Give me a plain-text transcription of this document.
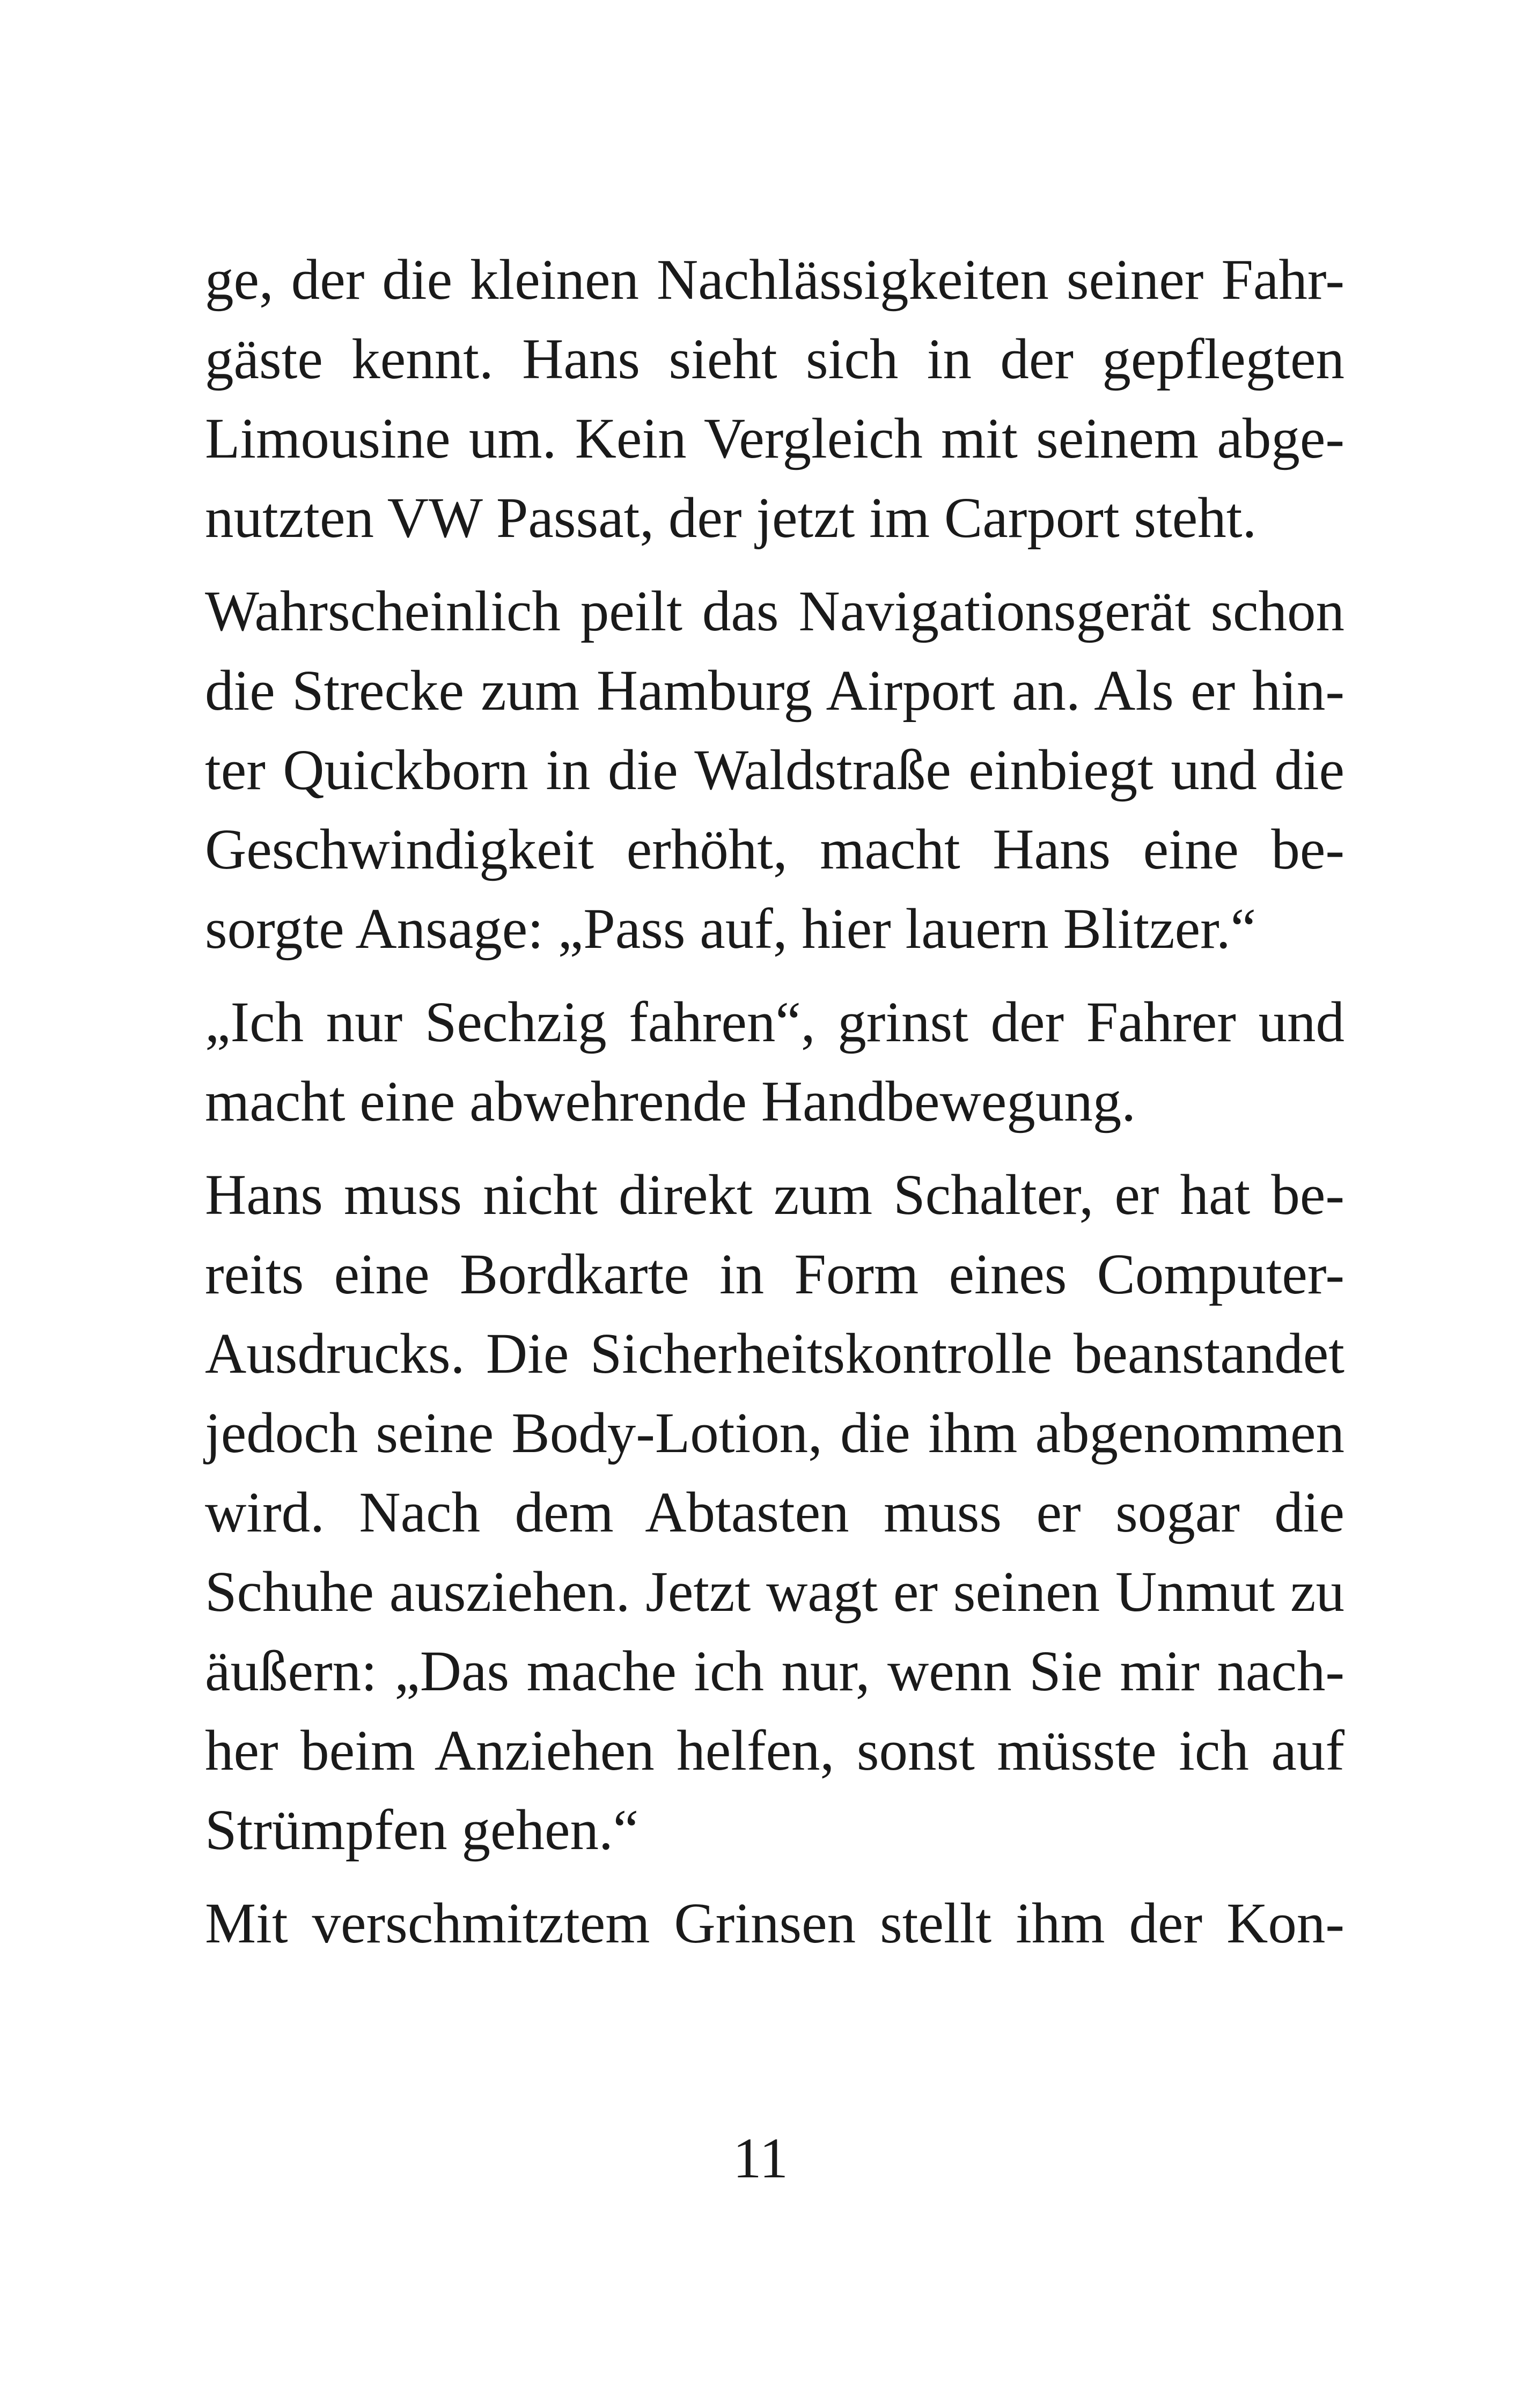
ge, der die kleinen Nachlässigkeiten seiner Fahr-
gäste kennt. Hans sieht sich in der gepflegten
Limousine um. Kein Vergleich mit seinem abge-
nutzten VW Passat, der jetzt im Carport steht.
Wahrscheinlich peilt das Navigationsgerät schon
die Strecke zum Hamburg Airport an. Als er hin-
ter Quickborn in die Waldstraße einbiegt und die
Geschwindigkeit erhöht, macht Hans eine be-
sorgte Ansage: „Pass auf, hier lauern Blitzer.“
„Ich nur Sechzig fahren“, grinst der Fahrer und
macht eine abwehrende Handbewegung.
Hans muss nicht direkt zum Schalter, er hat be-
reits eine Bordkarte in Form eines Computer-
Ausdrucks. Die Sicherheitskontrolle beanstandet
jedoch seine Body-Lotion, die ihm abgenommen
wird. Nach dem Abtasten muss er sogar die
Schuhe ausziehen. Jetzt wagt er seinen Unmut zu
äußern: „Das mache ich nur, wenn Sie mir nach-
her beim Anziehen helfen, sonst müsste ich auf
Strümpfen gehen.“
Mit verschmitztem Grinsen stellt ihm der Kon-
11
